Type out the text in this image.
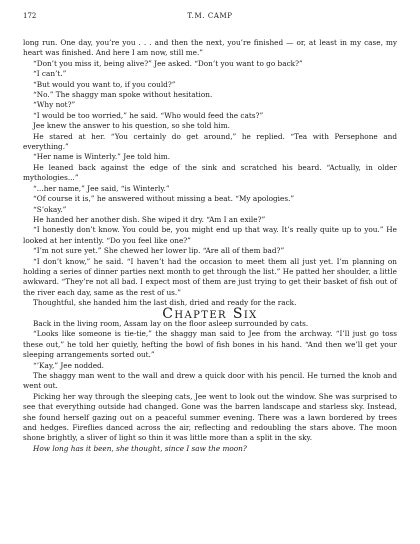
172	T.M. CAMP

long run. One day, you’re you . . . and then the next, you’re finished — or, at least in my case, my heart was finished. And here I am now, still me.”

“Don’t you miss it, being alive?” Jee asked. “Don’t you want to go back?”

“I can’t.”

“But would you want to, if you could?”

“No.” The shaggy man spoke without hesitation.

“Why not?”

“I would be too worried,” he said. “Who would feed the cats?”

Jee knew the answer to his question, so she told him.

He stared at her. “You certainly do get around,” he replied. “Tea with Persephone and everything.”

“Her name is Winterly.” Jee told him.

He leaned back against the edge of the sink and scratched his beard. “Actually, in older mythologies...”

“...her name,” Jee said, “is Winterly.”

“Of course it is,” he answered without missing a beat. “My apologies.”

“S’okay.”

He handed her another dish. She wiped it dry. “Am I an exile?”

“I honestly don’t know. You could be, you might end up that way. It’s really quite up to you.” He looked at her intently. “Do you feel like one?”

“I’m not sure yet.” She chewed her lower lip. “Are all of them bad?”

“I don’t know,” he said. “I haven’t had the occasion to meet them all just yet. I’m planning on holding a series of dinner parties next month to get through the list.” He patted her shoulder, a little awkward. “They’re not all bad. I expect most of them are just trying to get their basket of fish out of the river each day, same as the rest of us.”

Thoughtful, she handed him the last dish, dried and ready for the rack.

Chapter Six

Back in the living room, Assam lay on the floor asleep surrounded by cats.

“Looks like someone is tie-tie,” the shaggy man said to Jee from the archway. “I’ll just go toss these out,” he told her quietly, hefting the bowl of fish bones in his hand. “And then we’ll get your sleeping arrangements sorted out.”

“’Kay,” Jee nodded.

The shaggy man went to the wall and drew a quick door with his pencil. He turned the knob and went out.

Picking her way through the sleeping cats, Jee went to look out the window. She was surprised to see that everything outside had changed. Gone was the barren landscape and starless sky. Instead, she found herself gazing out on a peaceful summer evening. There was a lawn bordered by trees and hedges. Fireflies danced across the air, reflecting and redoubling the stars above. The moon shone brightly, a sliver of light so thin it was little more than a split in the sky.

How long has it been, she thought, since I saw the moon?
